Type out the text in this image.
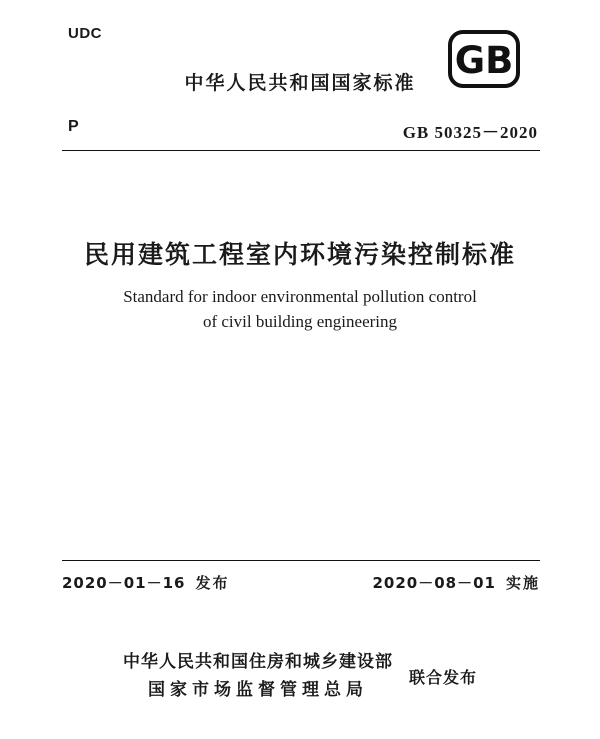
UDC
中华人民共和国国家标准
GB
P	GB 50325－2020
民用建筑工程室内环境污染控制标准
Standard for indoor environmental pollution control
of civil building engineering
2020－01－16 发布	2020－08－01 实施
中华人民共和国住房和城乡建设部
国家市场监督管理总局
联合发布
